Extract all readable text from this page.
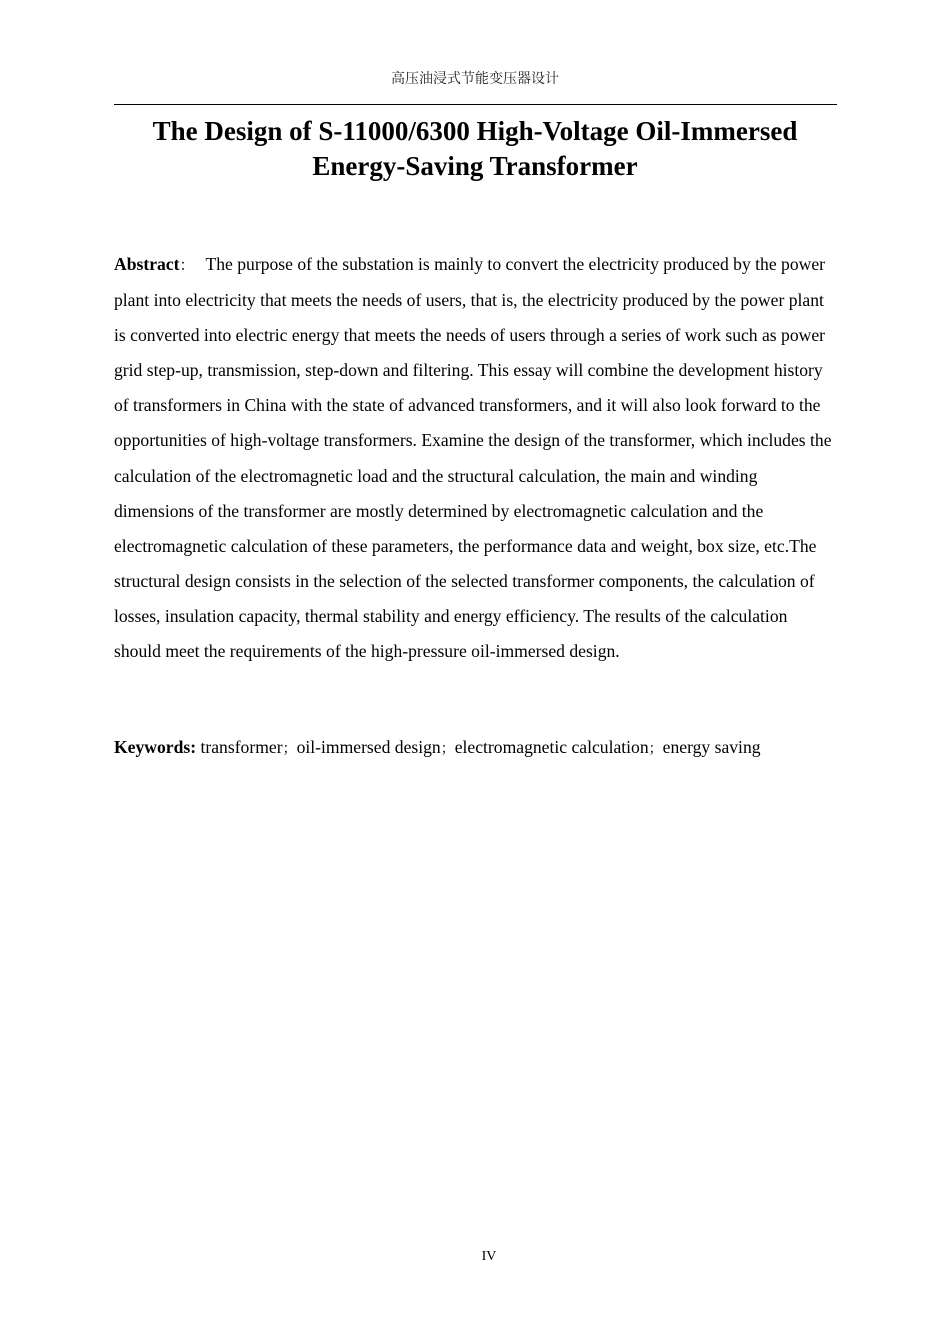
高压油浸式节能变压器设计
The Design of S-11000/6300 High-Voltage Oil-Immersed
Energy-Saving Transformer

Abstract： The purpose of the substation is mainly to convert the electricity produced by the power plant into electricity that meets the needs of users, that is, the electricity produced by the power plant is converted into electric energy that meets the needs of users through a series of work such as power grid step-up, transmission, step-down and filtering. This essay will combine the development history of transformers in China with the state of advanced transformers, and it will also look forward to the opportunities of high-voltage transformers. Examine the design of the transformer, which includes the calculation of the electromagnetic load and the structural calculation, the main and winding dimensions of the transformer are mostly determined by electromagnetic calculation and the electromagnetic calculation of these parameters, the performance data and weight, box size, etc.The structural design consists in the selection of the selected transformer components, the calculation of losses, insulation capacity, thermal stability and energy efficiency. The results of the calculation should meet the requirements of the high-pressure oil-immersed design.

Keywords: transformer；oil-immersed design；electromagnetic calculation；energy saving

IV
